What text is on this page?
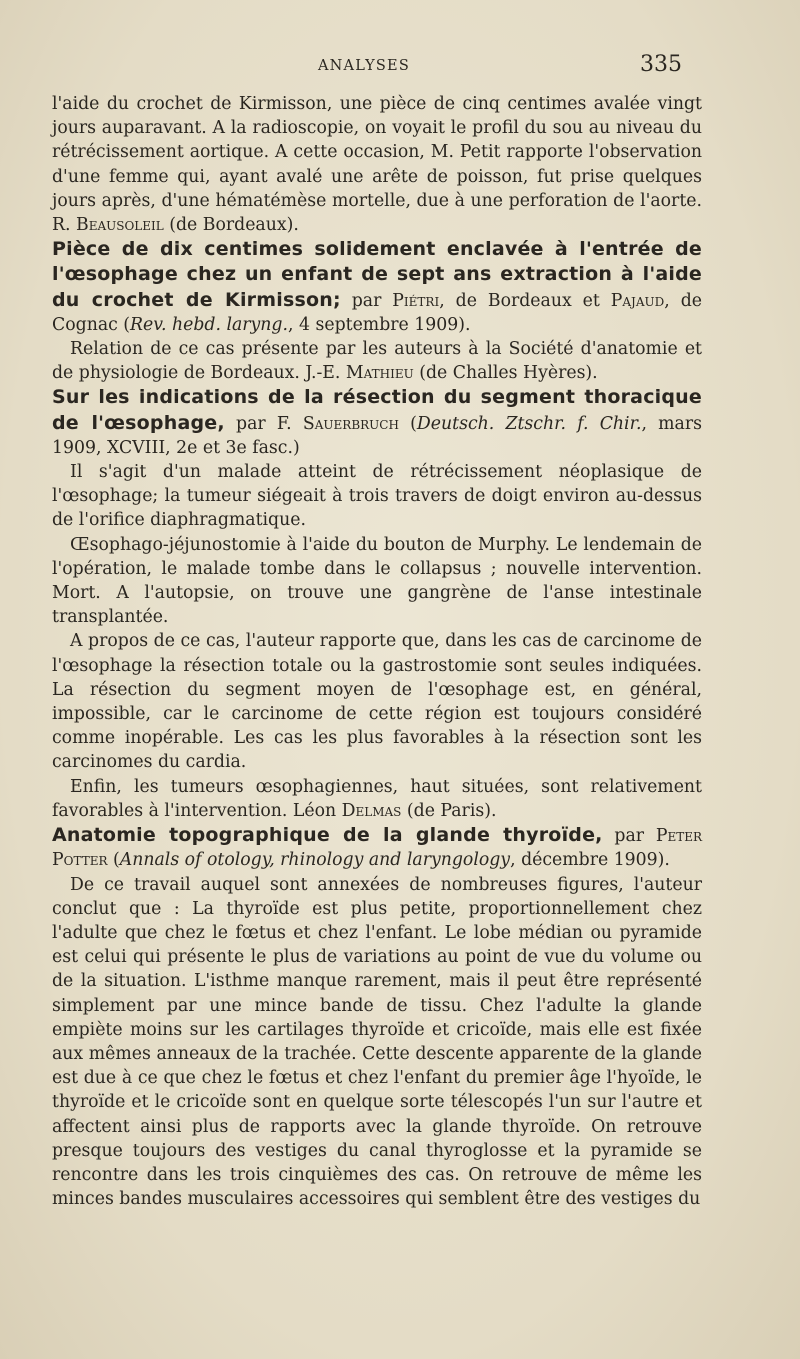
ANALYSES	335

l'aide du crochet de Kirmisson, une pièce de cinq centimes avalée vingt jours auparavant. A la radioscopie, on voyait le profil du sou au niveau du rétrécissement aortique. A cette occasion, M. Petit rapporte l'observation d'une femme qui, ayant avalé une arête de poisson, fut prise quelques jours après, d'une hématémèse mortelle, due à une perforation de l'aorte. R. Beausoleil (de Bordeaux).

Pièce de dix centimes solidement enclavée à l'entrée de l'œsophage chez un enfant de sept ans extraction à l'aide du crochet de Kirmisson; par Piétri, de Bordeaux et Pajaud, de Cognac (Rev. hebd. laryng., 4 septembre 1909).

Relation de ce cas présente par les auteurs à la Société d'anatomie et de physiologie de Bordeaux. J.-E. Mathieu (de Challes Hyères).

Sur les indications de la résection du segment thoracique de l'œsophage, par F. Sauerbruch (Deutsch. Ztschr. f. Chir., mars 1909, XCVIII, 2e et 3e fasc.)

Il s'agit d'un malade atteint de rétrécissement néoplasique de l'œsophage; la tumeur siégeait à trois travers de doigt environ au-dessus de l'orifice diaphragmatique.

Œsophago-jéjunostomie à l'aide du bouton de Murphy. Le lendemain de l'opération, le malade tombe dans le collapsus ; nouvelle intervention. Mort. A l'autopsie, on trouve une gangrène de l'anse intestinale transplantée.

A propos de ce cas, l'auteur rapporte que, dans les cas de carcinome de l'œsophage la résection totale ou la gastrostomie sont seules indiquées. La résection du segment moyen de l'œsophage est, en général, impossible, car le carcinome de cette région est toujours considéré comme inopérable. Les cas les plus favorables à la résection sont les carcinomes du cardia.

Enfin, les tumeurs œsophagiennes, haut situées, sont relativement favorables à l'intervention. Léon Delmas (de Paris).

Anatomie topographique de la glande thyroïde, par Peter Potter (Annals of otology, rhinology and laryngology, décembre 1909).

De ce travail auquel sont annexées de nombreuses figures, l'auteur conclut que : La thyroïde est plus petite, proportionnellement chez l'adulte que chez le fœtus et chez l'enfant. Le lobe médian ou pyramide est celui qui présente le plus de variations au point de vue du volume ou de la situation. L'isthme manque rarement, mais il peut être représenté simplement par une mince bande de tissu. Chez l'adulte la glande empiète moins sur les cartilages thyroïde et cricoïde, mais elle est fixée aux mêmes anneaux de la trachée. Cette descente apparente de la glande est due à ce que chez le fœtus et chez l'enfant du premier âge l'hyoïde, le thyroïde et le cricoïde sont en quelque sorte télescopés l'un sur l'autre et affectent ainsi plus de rapports avec la glande thyroïde. On retrouve presque toujours des vestiges du canal thyroglosse et la pyramide se rencontre dans les trois cinquièmes des cas. On retrouve de même les minces bandes musculaires accessoires qui semblent être des vestiges du
